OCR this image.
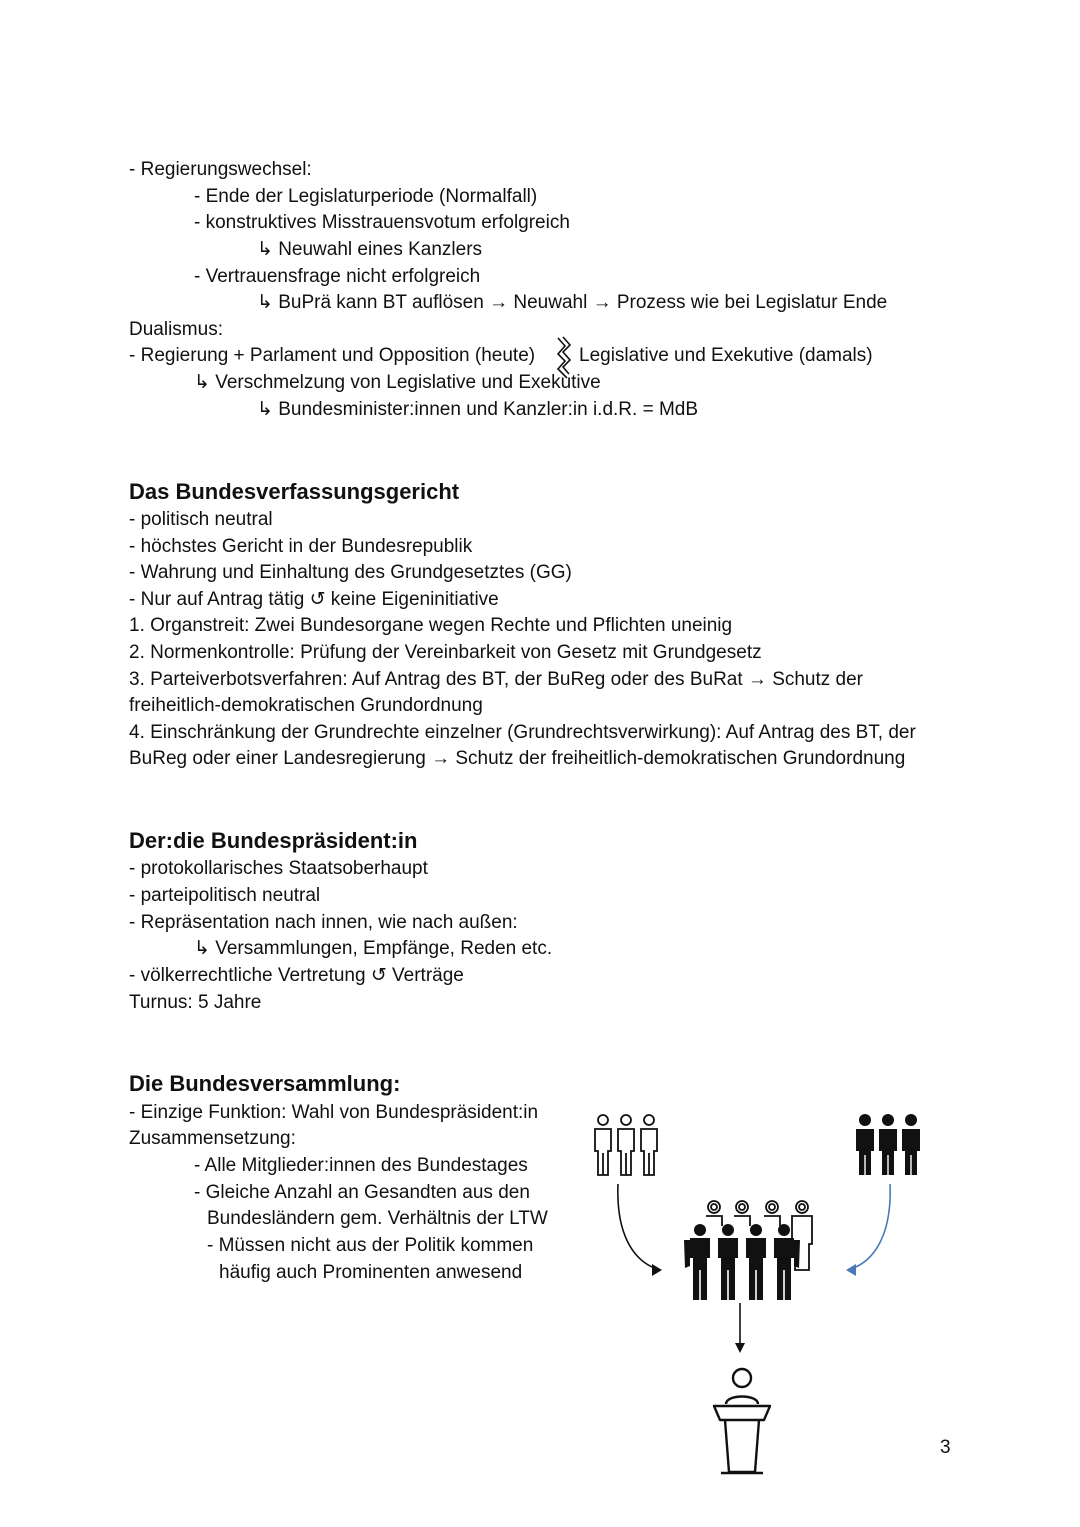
- Regierungswechsel:
- Ende der Legislaturperiode (Normalfall)
- konstruktives Misstrauensvotum erfolgreich
↳ Neuwahl eines Kanzlers
- Vertrauensfrage nicht erfolgreich
↳ BuPrä kann BT auflösen → Neuwahl → Prozess wie bei Legislatur Ende
Dualismus:
- Regierung + Parlament und Opposition (heute) Legislative und Exekutive (damals)
↳ Verschmelzung von Legislative und Exekutive
↳ Bundesminister:innen und Kanzler:in i.d.R. = MdB
Das Bundesverfassungsgericht
- politisch neutral
- höchstes Gericht in der Bundesrepublik
- Wahrung und Einhaltung des Grundgesetztes (GG)
- Nur auf Antrag tätig ↺ keine Eigeninitiative
1. Organstreit: Zwei Bundesorgane wegen Rechte und Pflichten uneinig
2. Normenkontrolle: Prüfung der Vereinbarkeit von Gesetz mit Grundgesetz
3. Parteiverbotsverfahren: Auf Antrag des BT, der BuReg oder des BuRat → Schutz der
freiheitlich-demokratischen Grundordnung
4. Einschränkung der Grundrechte einzelner (Grundrechtsverwirkung): Auf Antrag des BT, der
BuReg oder einer Landesregierung → Schutz der freiheitlich-demokratischen Grundordnung
Der:die Bundespräsident:in
- protokollarisches Staatsoberhaupt
- parteipolitisch neutral
- Repräsentation nach innen, wie nach außen:
↳ Versammlungen, Empfänge, Reden etc.
- völkerrechtliche Vertretung ↺ Verträge
Turnus: 5 Jahre
Die Bundesversammlung:
- Einzige Funktion: Wahl von Bundespräsident:in
Zusammensetzung:
- Alle Mitglieder:innen des Bundestages
- Gleiche Anzahl an Gesandten aus den
Bundesländern gem. Verhältnis der LTW
- Müssen nicht aus der Politik kommen
häufig auch Prominenten anwesend
3
